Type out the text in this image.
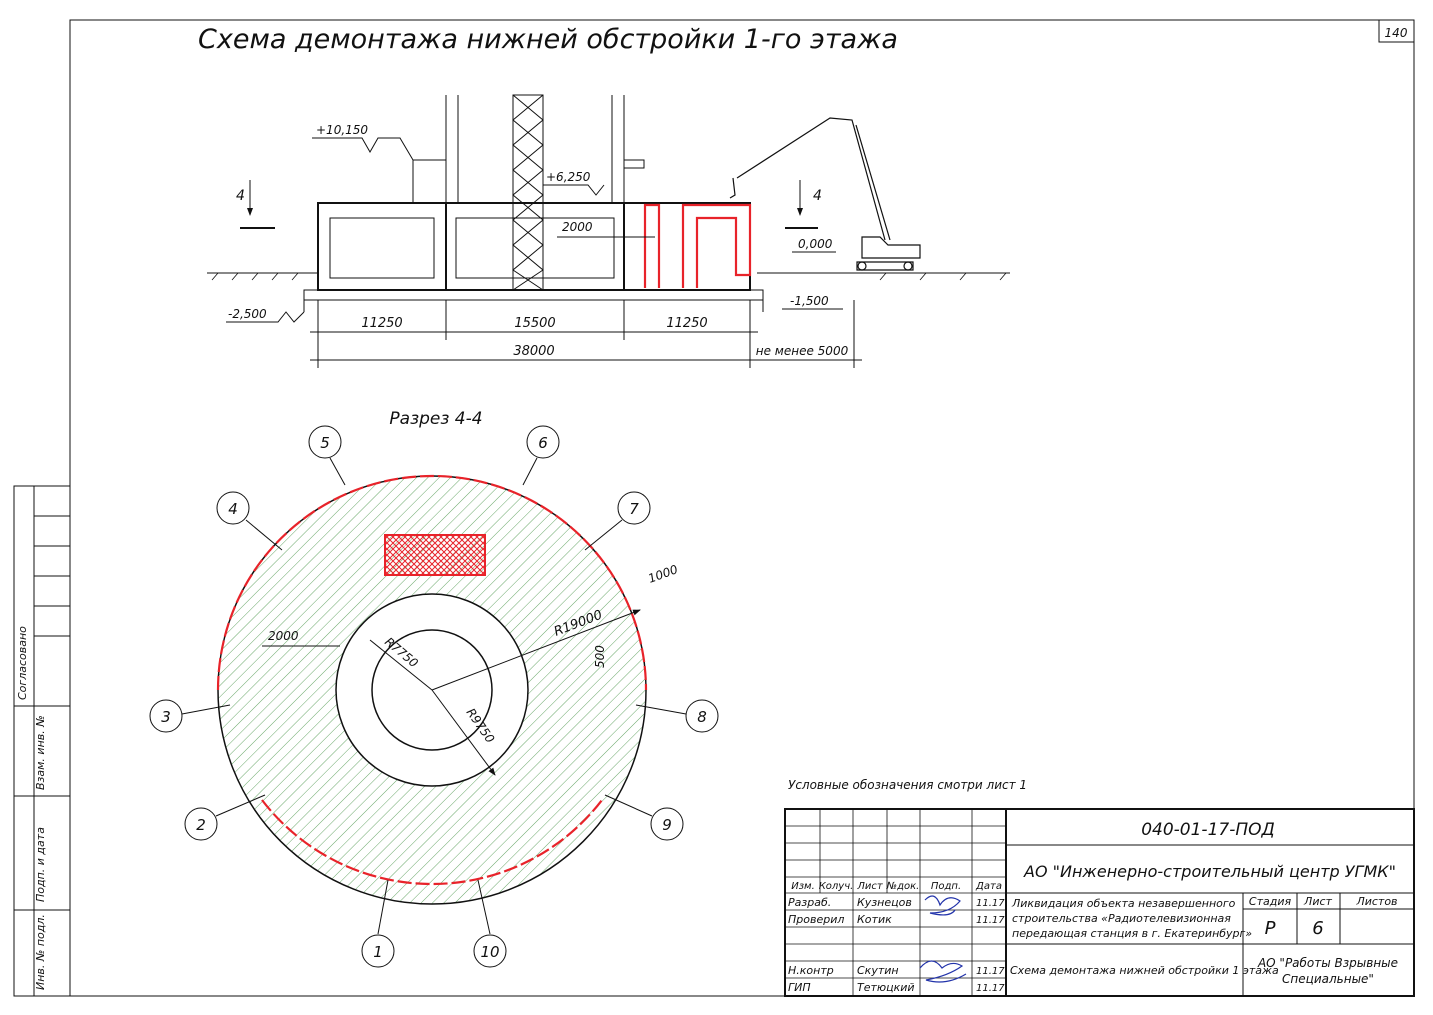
140
Схема демонтажа нижней обстройки 1-го этажа
4	4
+10,150
+6,250
2000
0,000
-2,500
-1,500
11250	15500	11250
38000	не менее 5000
Разрез 4-4
R19000
R7750
R9750
1000
500
2000
1
2
3
4
5	6
7
8
9
10
Условные обозначения смотри лист 1
Согласовано
Взам. инв. №
Подп. и дата
Инв. № подл.
040-01-17-ПОД
АО "Инженерно-строительный центр УГМК"
Изм. Колуч. Лист №док. Подп. Дата
Разраб. Кузнецов	11.17
Проверил Котик	11.17
Н.контр Скутин	11.17
ГИП	Тетюцкий	11.17
Ликвидация объекта незавершенного
строительства «Радиотелевизионная
передающая станция в г. Екатеринбург»
Стадия Лист Листов
Р 6
Схема демонтажа нижней обстройки 1 этажа
АО "Работы Взрывные
Специальные"
